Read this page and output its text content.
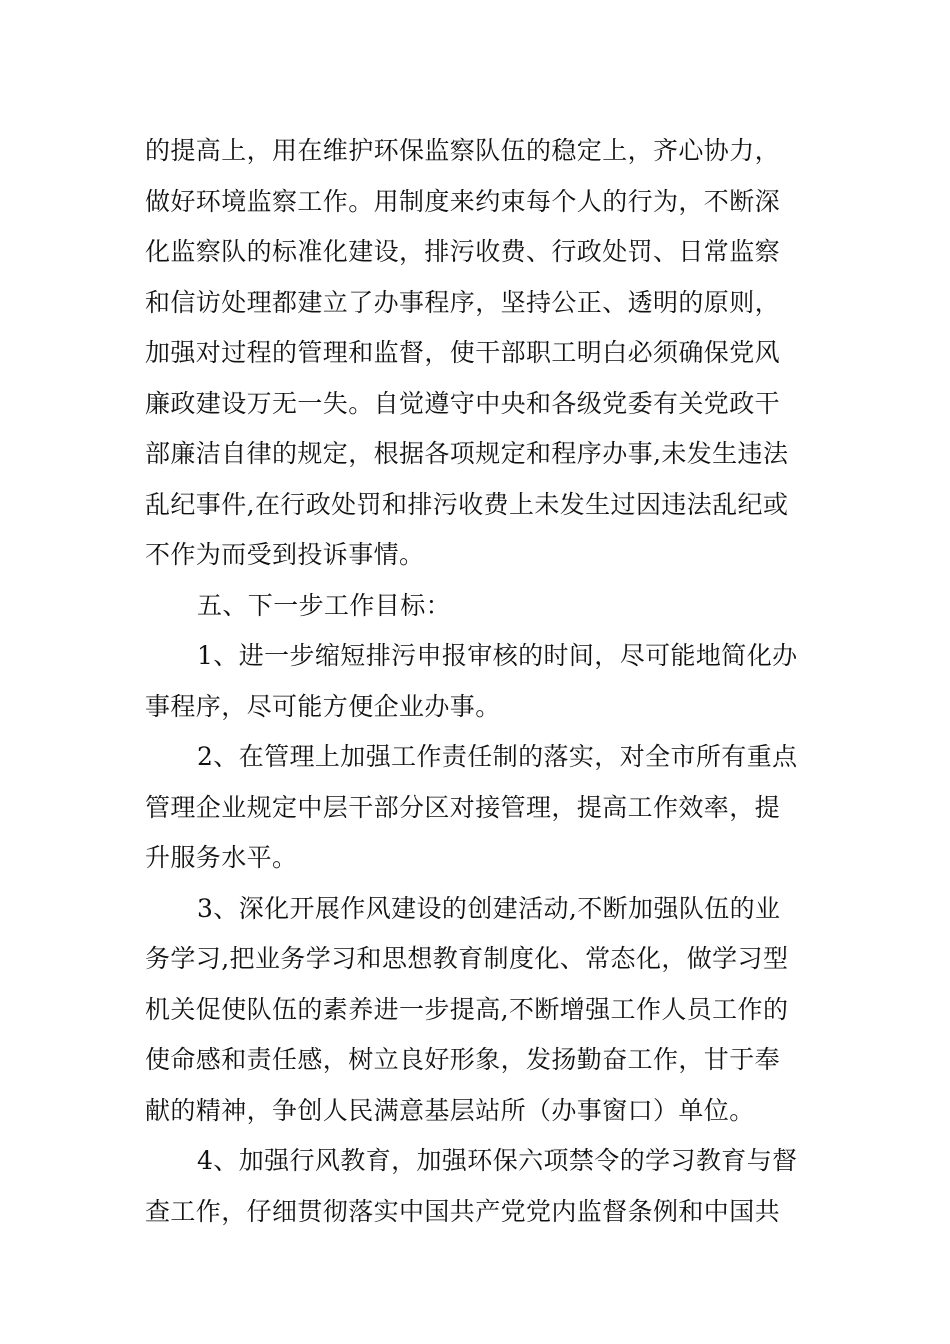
的提高上，用在维护环保监察队伍的稳定上，齐心协力，
做好环境监察工作。用制度来约束每个人的行为，不断深
化监察队的标准化建设，排污收费、行政处罚、日常监察
和信访处理都建立了办事程序，坚持公正、透明的原则，
加强对过程的管理和监督，使干部职工明白必须确保党风
廉政建设万无一失。自觉遵守中央和各级党委有关党政干
部廉洁自律的规定，根据各项规定和程序办事,未发生违法
乱纪事件,在行政处罚和排污收费上未发生过因违法乱纪或
不作为而受到投诉事情。
五、下一步工作目标：
1、进一步缩短排污申报审核的时间，尽可能地简化办
事程序，尽可能方便企业办事。
2、在管理上加强工作责任制的落实，对全市所有重点
管理企业规定中层干部分区对接管理，提高工作效率，提
升服务水平。
3、深化开展作风建设的创建活动,不断加强队伍的业
务学习,把业务学习和思想教育制度化、常态化，做学习型
机关促使队伍的素养进一步提高,不断增强工作人员工作的
使命感和责任感，树立良好形象，发扬勤奋工作，甘于奉
献的精神，争创人民满意基层站所（办事窗口）单位。
4、加强行风教育，加强环保六项禁令的学习教育与督
查工作，仔细贯彻落实中国共产党党内监督条例和中国共
